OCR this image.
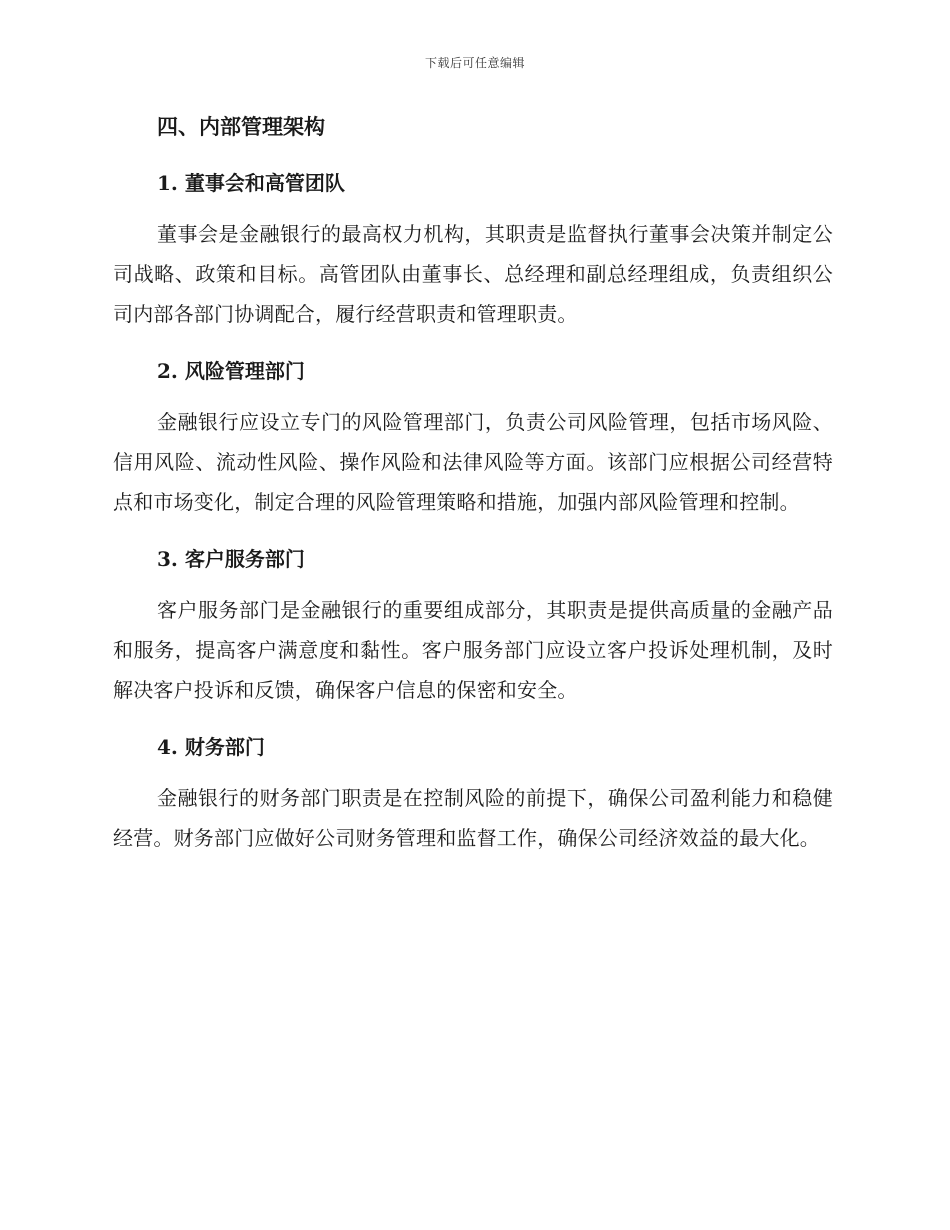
下载后可任意编辑
四、内部管理架构
1. 董事会和高管团队

董事会是金融银行的最高权力机构，其职责是监督执行董事会决策并制定公司战略、政策和目标。高管团队由董事长、总经理和副总经理组成，负责组织公司内部各部门协调配合，履行经营职责和管理职责。

2. 风险管理部门

金融银行应设立专门的风险管理部门，负责公司风险管理，包括市场风险、信用风险、流动性风险、操作风险和法律风险等方面。该部门应根据公司经营特点和市场变化，制定合理的风险管理策略和措施，加强内部风险管理和控制。

3. 客户服务部门

客户服务部门是金融银行的重要组成部分，其职责是提供高质量的金融产品和服务，提高客户满意度和黏性。客户服务部门应设立客户投诉处理机制，及时解决客户投诉和反馈，确保客户信息的保密和安全。

4. 财务部门

金融银行的财务部门职责是在控制风险的前提下，确保公司盈利能力和稳健经营。财务部门应做好公司财务管理和监督工作，确保公司经济效益的最大化。
